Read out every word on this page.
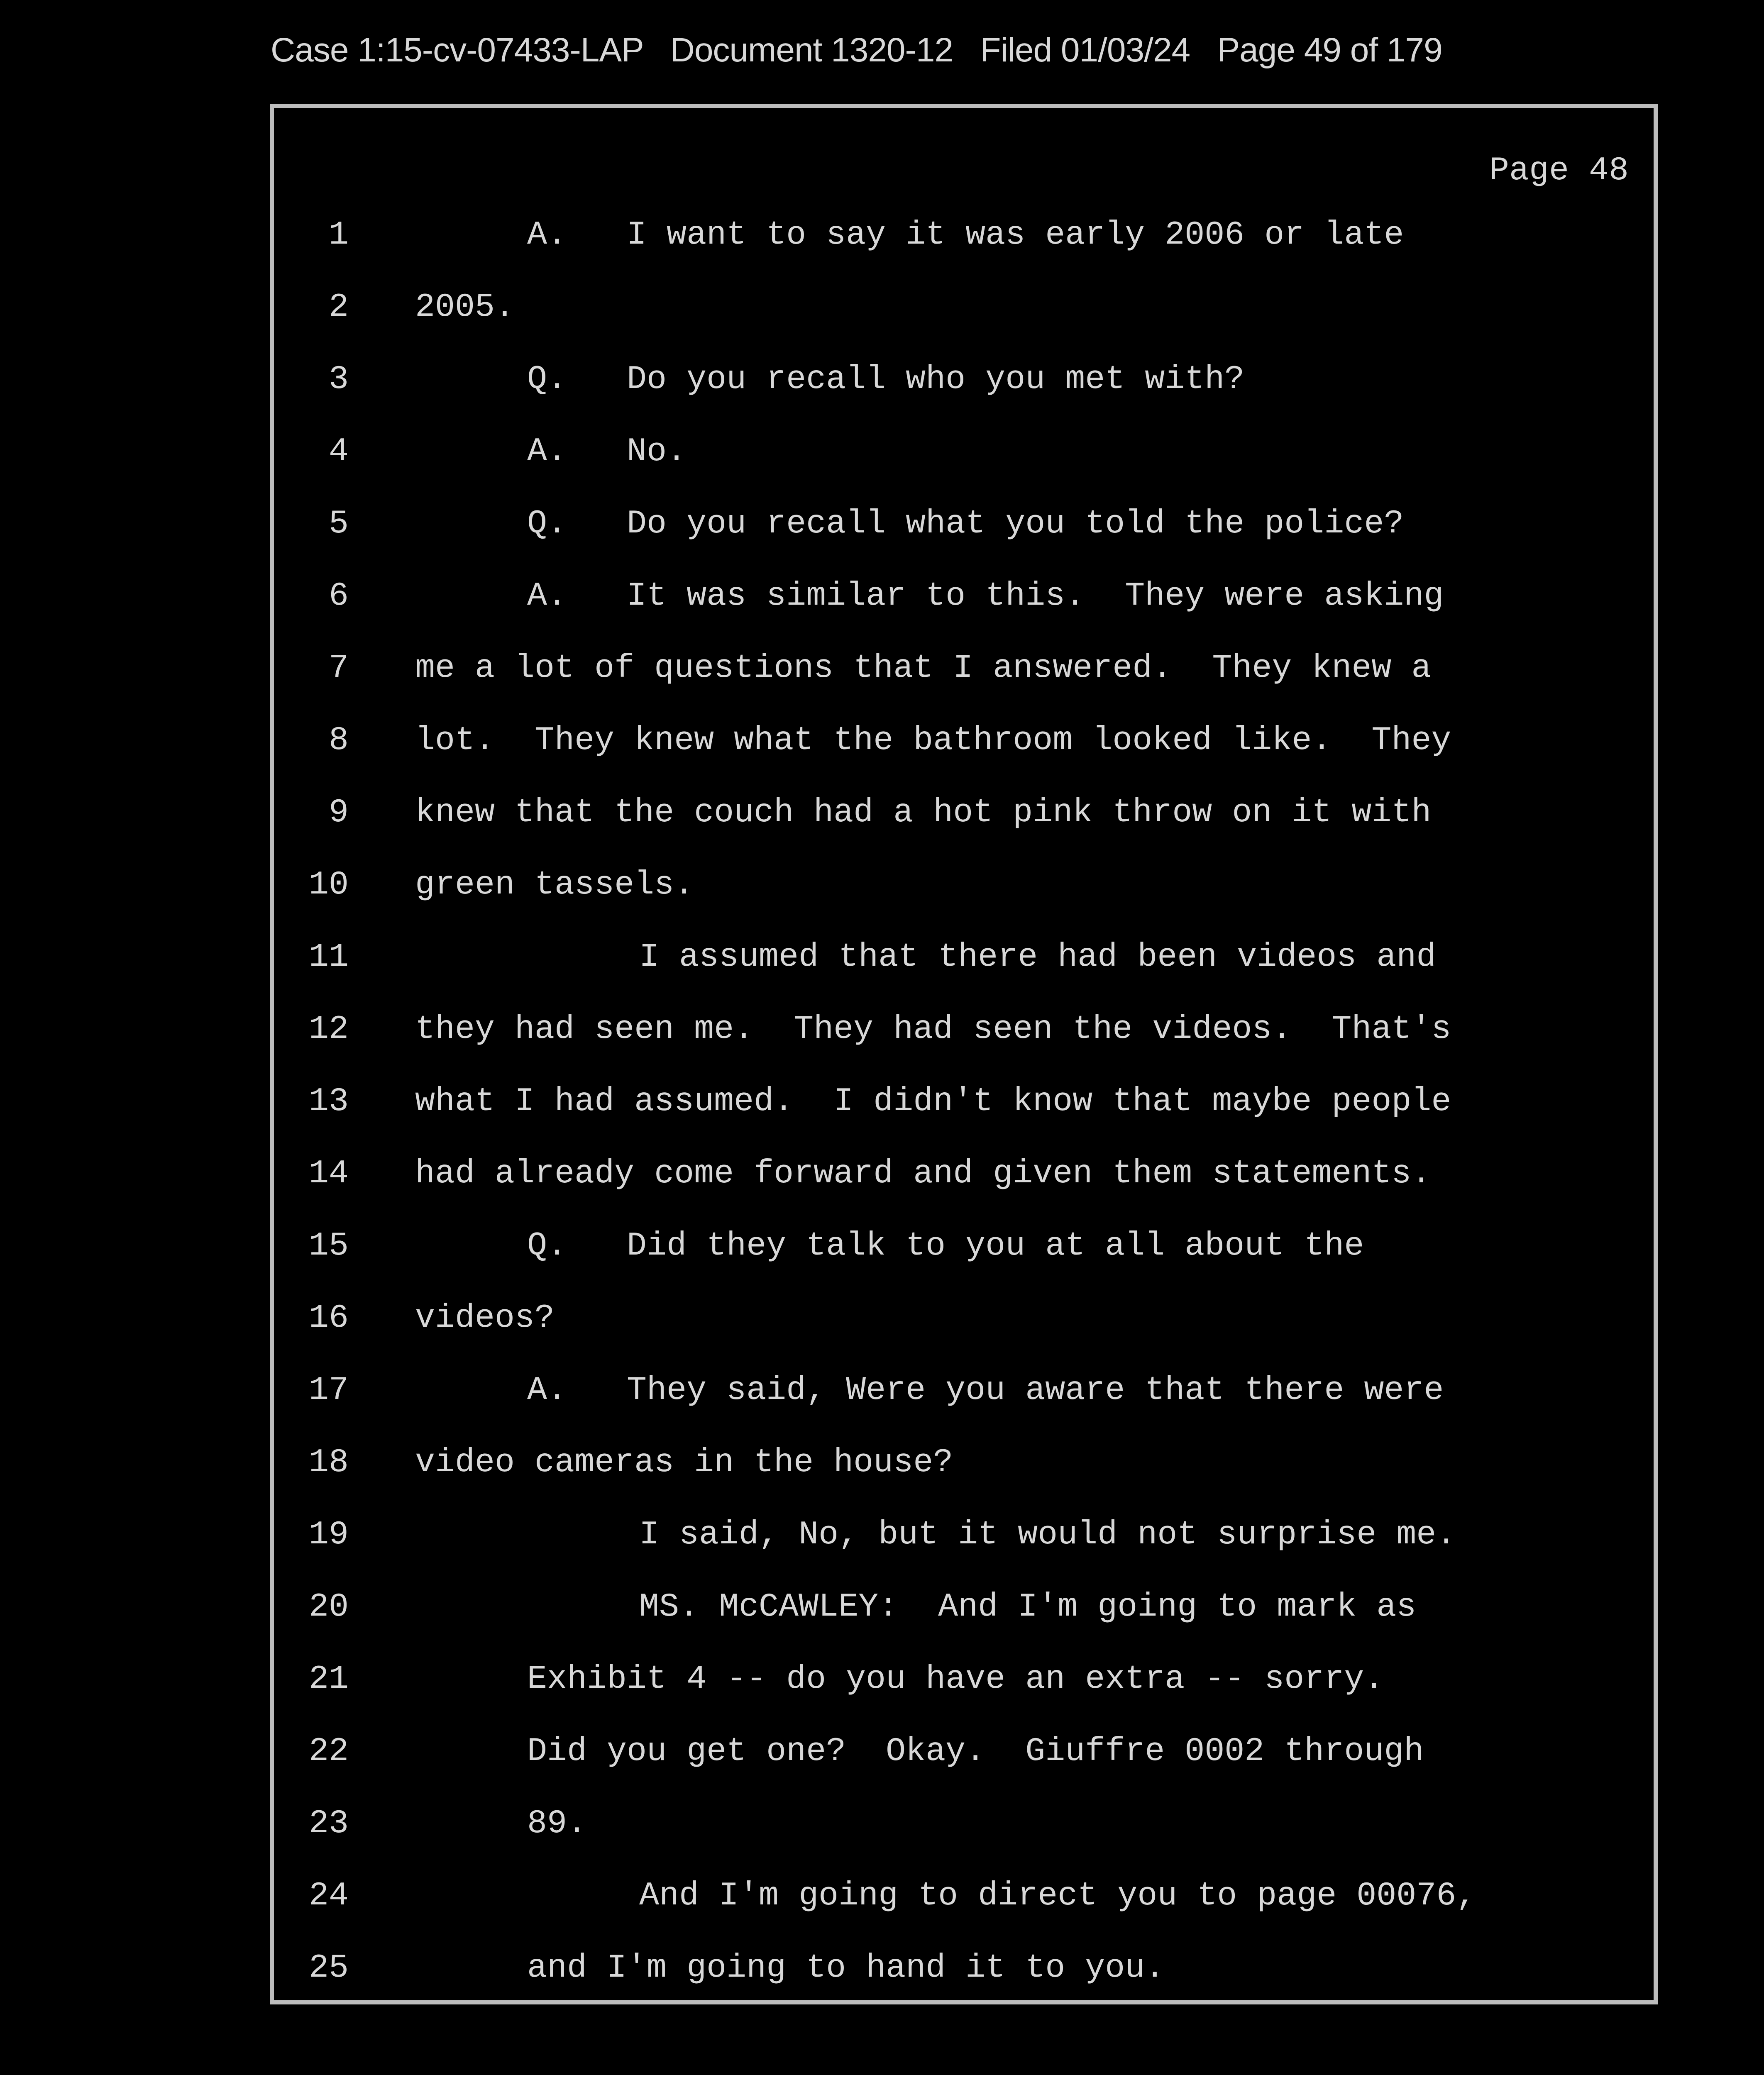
Case 1:15-cv-07433-LAP   Document 1320-12   Filed 01/03/24   Page 49 of 179
Page 48
1	A.   I want to say it was early 2006 or late
2 2005.
3	Q.   Do you recall who you met with?
4	A.   No.
5	Q.   Do you recall what you told the police?
6	A.   It was similar to this.  They were asking
7 me a lot of questions that I answered.  They knew a
8 lot.  They knew what the bathroom looked like.  They
9 knew that the couch had a hot pink throw on it with
10 green tassels.
11	I assumed that there had been videos and
12 they had seen me.  They had seen the videos.  That's
13 what I had assumed.  I didn't know that maybe people
14 had already come forward and given them statements.
15	Q.   Did they talk to you at all about the
16 videos?
17	A.   They said, Were you aware that there were
18 video cameras in the house?
19	I said, No, but it would not surprise me.
20	MS. McCAWLEY:  And I'm going to mark as
21	Exhibit 4 -- do you have an extra -- sorry.
22	Did you get one?  Okay.  Giuffre 0002 through
23	89.
24	And I'm going to direct you to page 00076,
25	and I'm going to hand it to you.
